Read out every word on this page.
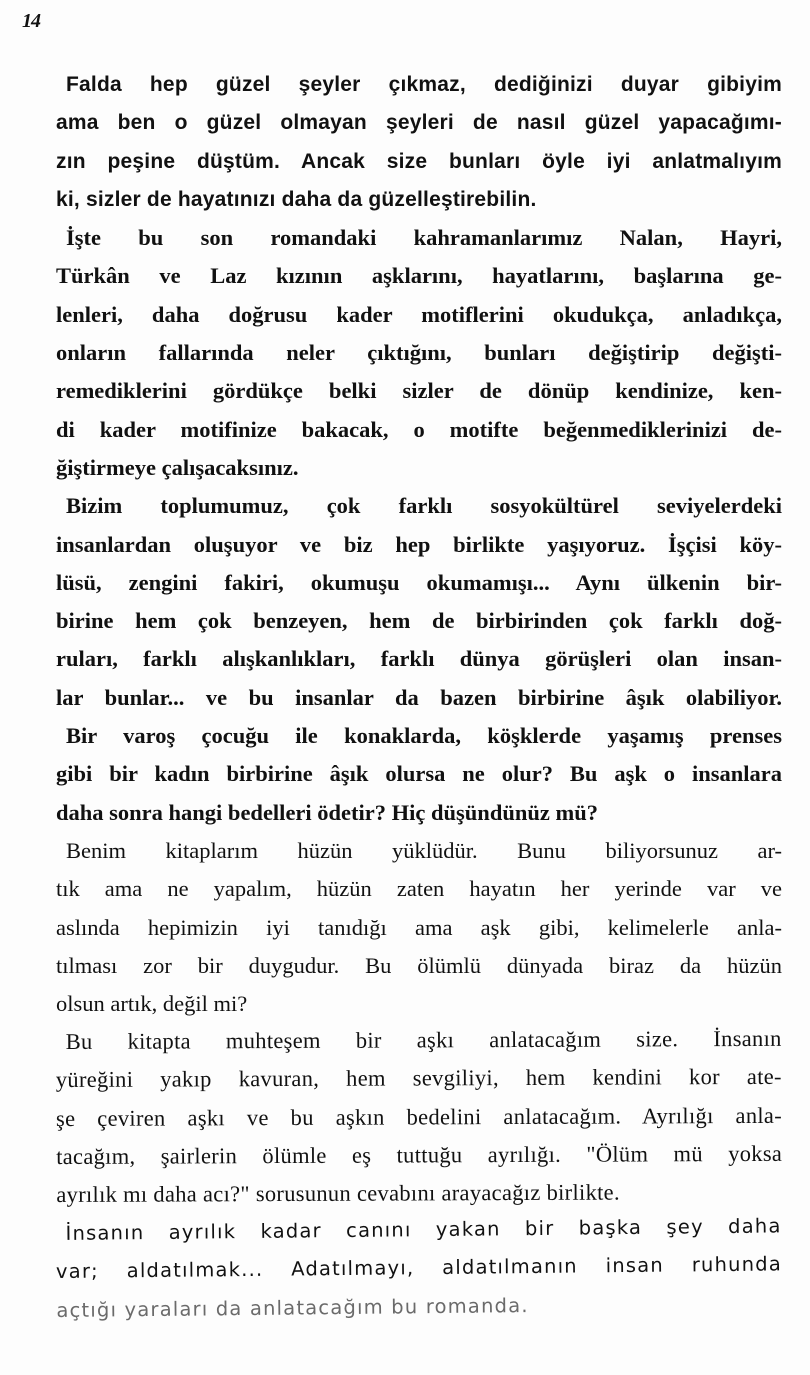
14
Falda hep güzel şeyler çıkmaz, dediğinizi duyar gibiyim
ama ben o güzel olmayan şeyleri de nasıl güzel yapacağımı-
zın peşine düştüm. Ancak size bunları öyle iyi anlatmalıyım
ki, sizler de hayatınızı daha da güzelleştirebilin.
İşte bu son romandaki kahramanlarımız Nalan, Hayri,
Türkân ve Laz kızının aşklarını, hayatlarını, başlarına ge-
lenleri, daha doğrusu kader motiflerini okudukça, anladıkça,
onların fallarında neler çıktığını, bunları değiştirip değişti-
remediklerini gördükçe belki sizler de dönüp kendinize, ken-
di kader motifinize bakacak, o motifte beğenmediklerinizi de-
ğiştirmeye çalışacaksınız.
Bizim toplumumuz, çok farklı sosyokültürel seviyelerdeki
insanlardan oluşuyor ve biz hep birlikte yaşıyoruz. İşçisi köy-
lüsü, zengini fakiri, okumuşu okumamışı... Aynı ülkenin bir-
birine hem çok benzeyen, hem de birbirinden çok farklı doğ-
ruları, farklı alışkanlıkları, farklı dünya görüşleri olan insan-
lar bunlar... ve bu insanlar da bazen birbirine âşık olabiliyor.
Bir varoş çocuğu ile konaklarda, köşklerde yaşamış prenses
gibi bir kadın birbirine âşık olursa ne olur? Bu aşk o insanlara
daha sonra hangi bedelleri ödetir? Hiç düşündünüz mü?
Benim kitaplarım hüzün yüklüdür. Bunu biliyorsunuz ar-
tık ama ne yapalım, hüzün zaten hayatın her yerinde var ve
aslında hepimizin iyi tanıdığı ama aşk gibi, kelimelerle anla-
tılması zor bir duygudur. Bu ölümlü dünyada biraz da hüzün
olsun artık, değil mi?
Bu kitapta muhteşem bir aşkı anlatacağım size. İnsanın
yüreğini yakıp kavuran, hem sevgiliyi, hem kendini kor ate-
şe çeviren aşkı ve bu aşkın bedelini anlatacağım. Ayrılığı anla-
tacağım, şairlerin ölümle eş tuttuğu ayrılığı. "Ölüm mü yoksa
ayrılık mı daha acı?" sorusunun cevabını arayacağız birlikte.
İnsanın ayrılık kadar canını yakan bir başka şey daha
var; aldatılmak... Adatılmayı, aldatılmanın insan ruhunda
açtığı yaraları da anlatacağım bu romanda.
